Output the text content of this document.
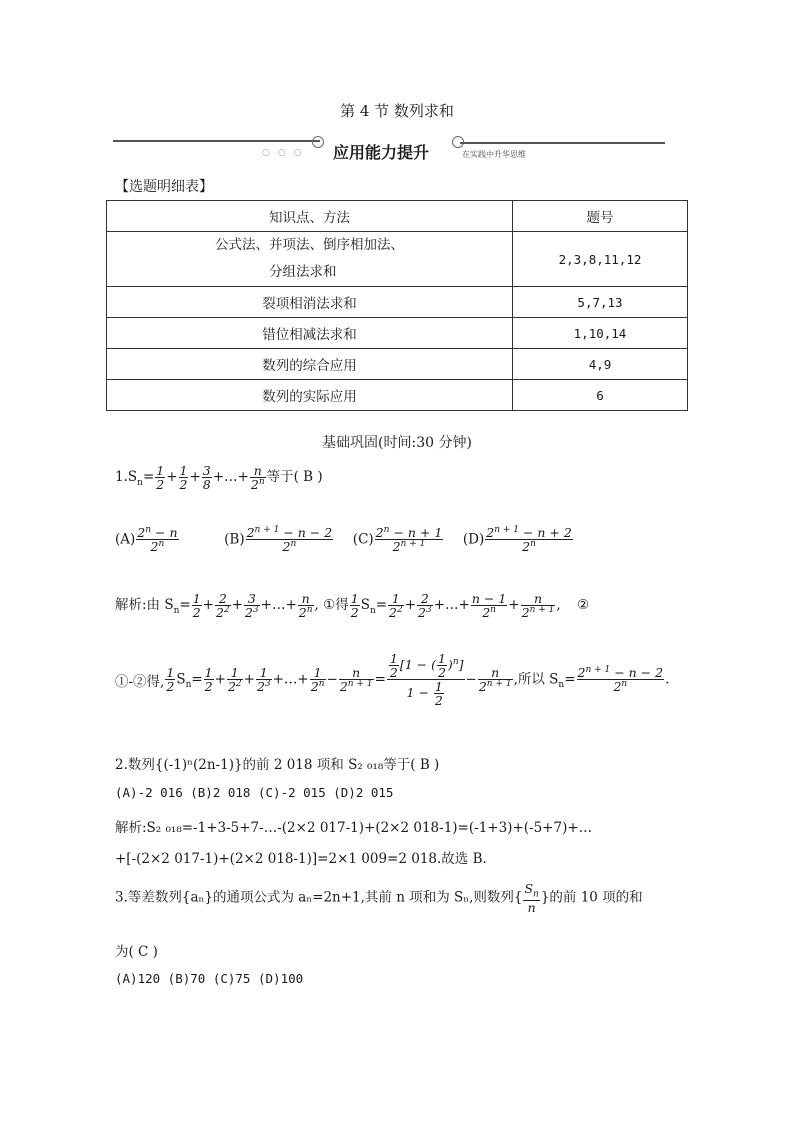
第 4 节 数列求和
○○○ 应用能力提升	在实践中升华思维
【选题明细表】
知识点、方法	题号

公式法、并项法、倒序相加法、
分组法求和	2,3,8,11,12
裂项相消法求和	5,7,13
错位相减法求和	1,10,14
数列的综合应用	4,9
数列的实际应用	6
基础巩固(时间:30 分钟)
$1.S_n= \frac{1}{2} + \frac{1}{2} + \frac{3}{8}$ +…+ $\frac{n}{2^n}$ 等于( B )
$(A) \frac{2^n - n}{2^n}$	$(B) \frac{2^{n + 1} - n - 2}{2^n} (C) \frac{2^n - n + 1}{2^{n + 1}} (D) \frac{2^{n + 1} - n + 2}{2^n}$
解析:由 $S_n= \frac{1}{2} + \frac{2}{2^2} + \frac{3}{2^3}$ +…+ $\frac{n}{2^n}$ , ①得 $\frac{1}{2} S_n= \frac{1}{2^2} + \frac{2}{2^3}$ +…+ $\frac{n - 1}{2^n} + \frac{n}{2^{n + 1}}$ , ②
①-②得, $\frac{1}{2} S_n= \frac{1}{2} + \frac{1}{2^2} + \frac{1}{2^3}$ +…+ $\frac{1}{2^n} - \frac{n}{2^{n + 1}} = \frac{\frac{1}{2} [1 - ( \frac{1}{2} )^n]}{1 - \frac{1}{2}} - \frac{n}{2^{n + 1}}$ ,所以 $S_n= \frac{2^{n + 1} - n - 2}{2^n}$ .
2.数列{(-1)ⁿ(2n-1)}的前 2 018 项和 S₂ ₀₁₈等于( B )
(A)-2 016 (B)2 018 (C)-2 015 (D)2 015
解析:S₂ ₀₁₈=-1+3-5+7-…-(2×2 017-1)+(2×2 018-1)=(-1+3)+(-5+7)+…
+[-(2×2 017-1)+(2×2 018-1)]=2×1 009=2 018.故选 B.
3.等差数列{aₙ}的通项公式为 aₙ=2n+1,其前 n 项和为 Sₙ,则数列{ $\frac{S_n}{n}$ }的前 10 项的和
为( C )
(A)120 (B)70 (C)75 (D)100
